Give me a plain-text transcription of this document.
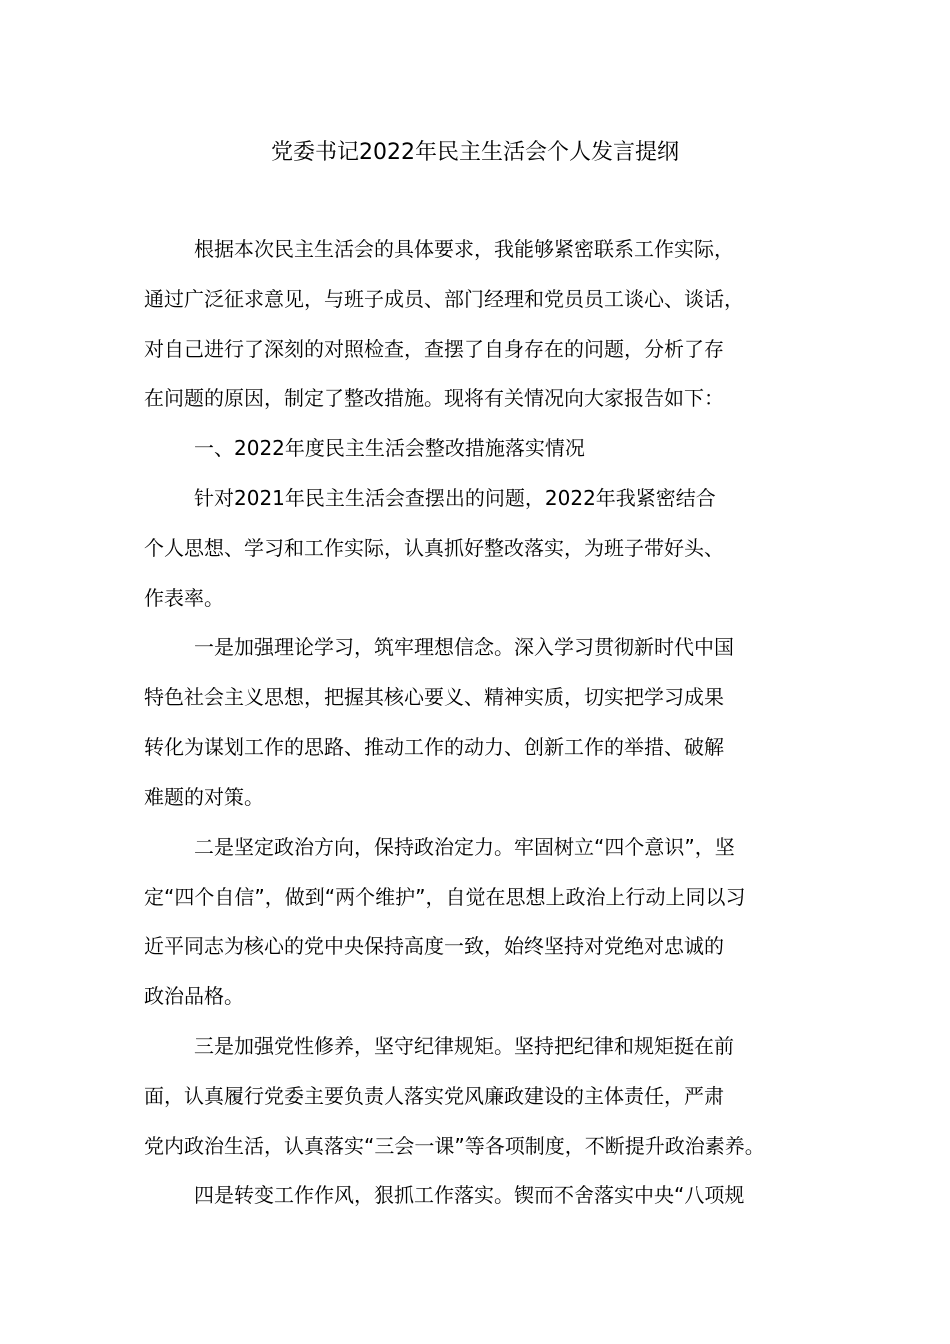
党委书记2022年民主生活会个人发言提纲
根据本次民主生活会的具体要求，我能够紧密联系工作实际，
通过广泛征求意见，与班子成员、部门经理和党员员工谈心、谈话，
对自己进行了深刻的对照检查，查摆了自身存在的问题，分析了存
在问题的原因，制定了整改措施。现将有关情况向大家报告如下：
一、2022年度民主生活会整改措施落实情况
针对2021年民主生活会查摆出的问题，2022年我紧密结合
个人思想、学习和工作实际，认真抓好整改落实，为班子带好头、
作表率。
一是加强理论学习，筑牢理想信念。深入学习贯彻新时代中国
特色社会主义思想，把握其核心要义、精神实质，切实把学习成果
转化为谋划工作的思路、推动工作的动力、创新工作的举措、破解
难题的对策。
二是坚定政治方向，保持政治定力。牢固树立“四个意识”，坚
定“四个自信”，做到“两个维护”，自觉在思想上政治上行动上同以习
近平同志为核心的党中央保持高度一致，始终坚持对党绝对忠诚的
政治品格。
三是加强党性修养，坚守纪律规矩。坚持把纪律和规矩挺在前
面，认真履行党委主要负责人落实党风廉政建设的主体责任，严肃
党内政治生活，认真落实“三会一课”等各项制度，不断提升政治素养。
四是转变工作作风，狠抓工作落实。锲而不舍落实中央“八项规
